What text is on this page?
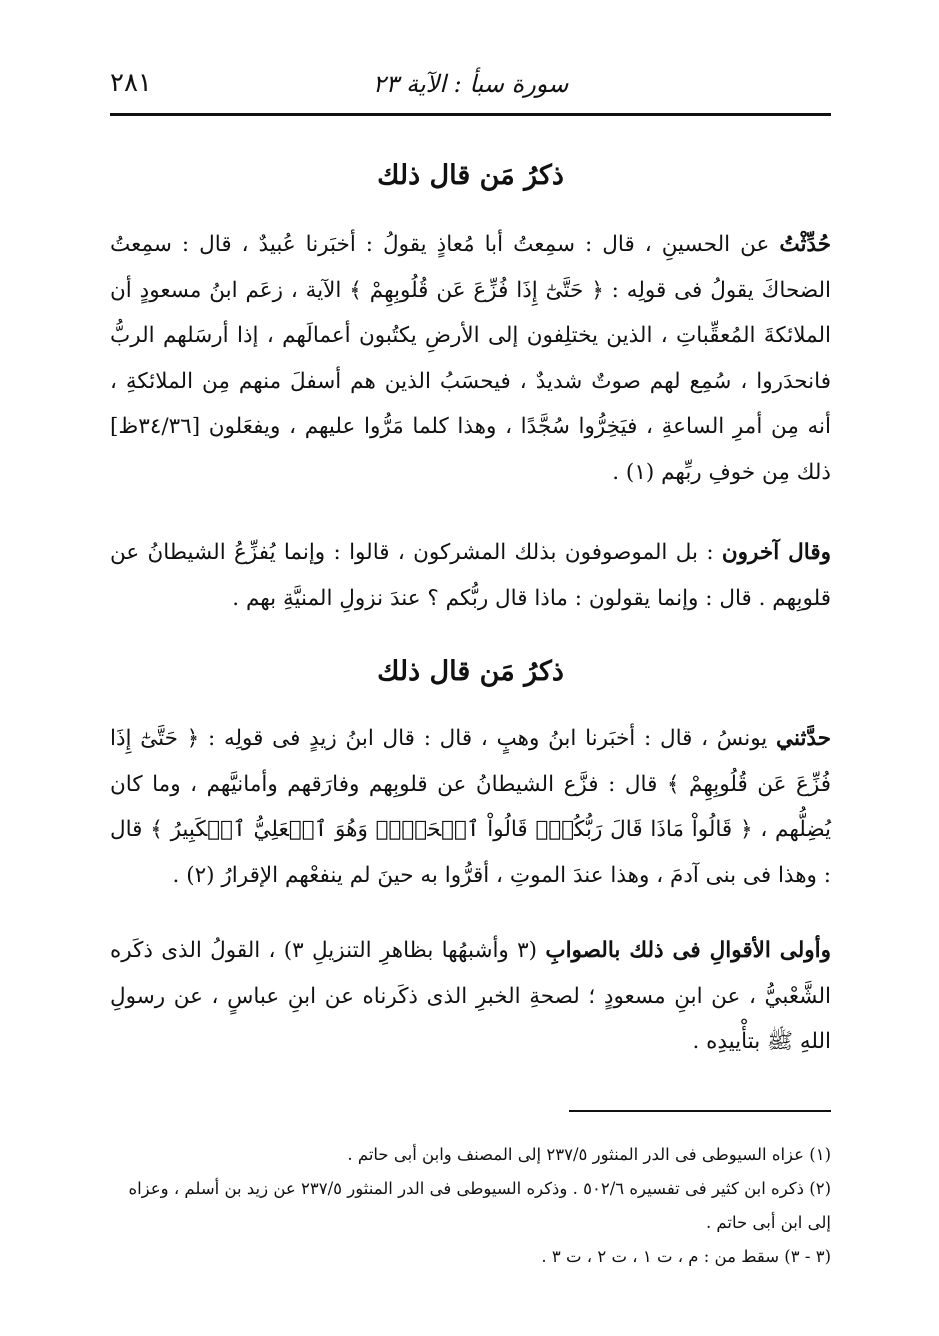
سورة سبأ : الآية ٢٣
٢٨١
ذكرُ مَن قال ذلك

حُدِّثْتُ عن الحسينِ ، قال : سمِعتُ أبا مُعاذٍ يقولُ : أخبَرنا عُبيدٌ ، قال : سمِعتُ الضحاكَ يقولُ فى قولِه : ﴿ حَتَّىٰٓ إِذَا فُزِّعَ عَن قُلُوبِهِمْ ﴾ الآية ، زعَم ابنُ مسعودٍ أن الملائكةَ المُعقِّباتِ ، الذين يختلِفون إلى الأرضِ يكتُبون أعمالَهم ، إذا أرسَلهم الربُّ فانحدَروا ، سُمِع لهم صوتٌ شديدٌ ، فيحسَبُ الذين هم أسفلَ منهم مِن الملائكةِ ، أنه مِن أمرِ الساعةِ ، فيَخِرُّوا سُجَّدًا ، وهذا كلما مَرُّوا عليهم ، ويفعَلون [٣٤/٣٦ظ] ذلك مِن خوفِ ربِّهم (١) .

وقال آخرون : بل الموصوفون بذلك المشركون ، قالوا : وإنما يُفزِّعُ الشيطانُ عن قلوبِهم . قال : وإنما يقولون : ماذا قال ربُّكم ؟ عندَ نزولِ المنيَّةِ بهم .

ذكرُ مَن قال ذلك

حدَّثني يونسُ ، قال : أخبَرنا ابنُ وهبٍ ، قال : قال ابنُ زيدٍ فى قولِه : ﴿ حَتَّىٰٓ إِذَا فُزِّعَ عَن قُلُوبِهِمْ ﴾ قال : فزَّع الشيطانُ عن قلوبِهم وفارَقهم وأمانيَّهم ، وما كان يُضِلُّهم ، ﴿ قَالُواْ مَاذَا قَالَ رَبُّكُمْۖ قَالُواْ ٱلۡحَقَّۖ وَهُوَ ٱلۡعَلِيُّ ٱلۡكَبِيرُ ﴾ قال : وهذا فى بنى آدمَ ، وهذا عندَ الموتِ ، أقرُّوا به حينَ لم ينفعْهم الإقرارُ (٢) .

وأولى الأقوالِ فى ذلك بالصوابِ (٣ وأشبهُها بظاهرِ التنزيلِ ٣) ، القولُ الذى ذكَره الشَّعْبيُّ ، عن ابنِ مسعودٍ ؛ لصحةِ الخبرِ الذى ذكَرناه عن ابنِ عباسٍ ، عن رسولِ اللهِ ﷺ بتأْييدِه .

(١) عزاه السيوطى فى الدر المنثور ٢٣٧/٥ إلى المصنف وابن أبى حاتم .

(٢) ذكره ابن كثير فى تفسيره ٥٠٢/٦ . وذكره السيوطى فى الدر المنثور ٢٣٧/٥ عن زيد بن أسلم ، وعزاه إلى ابن أبى حاتم .

(٣ - ٣) سقط من : م ، ت ١ ، ت ٢ ، ت ٣ .
